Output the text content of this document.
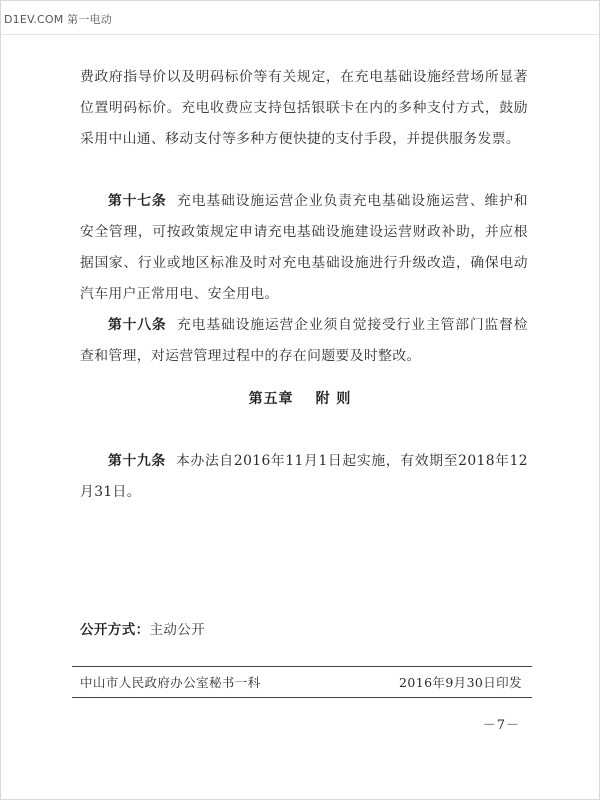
D1EV.COM 第一电动

费政府指导价以及明码标价等有关规定，在充电基础设施经营场所显著位置明码标价。充电收费应支持包括银联卡在内的多种支付方式，鼓励采用中山通、移动支付等多种方便快捷的支付手段，并提供服务发票。

第十七条 充电基础设施运营企业负责充电基础设施运营、维护和安全管理，可按政策规定申请充电基础设施建设运营财政补助，并应根据国家、行业或地区标准及时对充电基础设施进行升级改造，确保电动汽车用户正常用电、安全用电。

第十八条 充电基础设施运营企业须自觉接受行业主管部门监督检查和管理，对运营管理过程中的存在问题要及时整改。

第五章 附 则

第十九条 本办法自2016年11月1日起实施，有效期至2018年12月31日。

公开方式：主动公开
中山市人民政府办公室秘书一科	2016年9月30日印发
－7－
